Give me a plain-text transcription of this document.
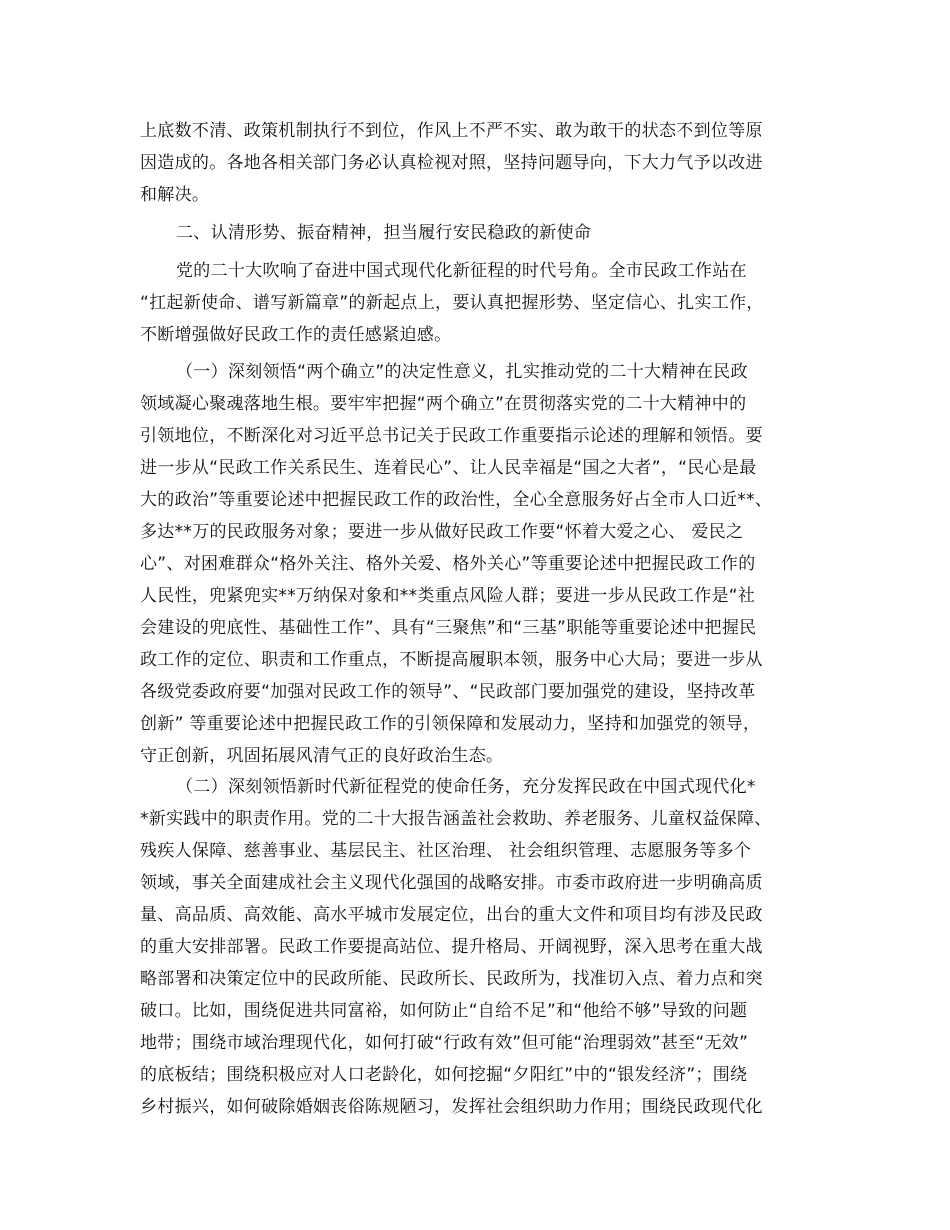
上底数不清、政策机制执行不到位，作风上不严不实、敢为敢干的状态不到位等原
因造成的。各地各相关部门务必认真检视对照，坚持问题导向，下大力气予以改进
和解决。
二、认清形势、振奋精神，担当履行安民稳政的新使命
党的二十大吹响了奋进中国式现代化新征程的时代号角。全市民政工作站在
“扛起新使命、谱写新篇章”的新起点上，要认真把握形势、坚定信心、扎实工作，
不断增强做好民政工作的责任感紧迫感。
（一）深刻领悟“两个确立”的决定性意义，扎实推动党的二十大精神在民政
领域凝心聚魂落地生根。要牢牢把握“两个确立”在贯彻落实党的二十大精神中的
引领地位，不断深化对习近平总书记关于民政工作重要指示论述的理解和领悟。要
进一步从“民政工作关系民生、连着民心”、让人民幸福是“国之大者”，“民心是最
大的政治”等重要论述中把握民政工作的政治性，全心全意服务好占全市人口近**、
多达**万的民政服务对象；要进一步从做好民政工作要“怀着大爱之心、 爱民之
心”、对困难群众“格外关注、格外关爱、格外关心”等重要论述中把握民政工作的
人民性，兜紧兜实**万纳保对象和**类重点风险人群；要进一步从民政工作是“社
会建设的兜底性、基础性工作”、具有“三聚焦”和“三基”职能等重要论述中把握民
政工作的定位、职责和工作重点，不断提高履职本领，服务中心大局；要进一步从
各级党委政府要“加强对民政工作的领导”、“民政部门要加强党的建设，坚持改革
创新” 等重要论述中把握民政工作的引领保障和发展动力，坚持和加强党的领导，
守正创新，巩固拓展风清气正的良好政治生态。
（二）深刻领悟新时代新征程党的使命任务，充分发挥民政在中国式现代化*
*新实践中的职责作用。党的二十大报告涵盖社会救助、养老服务、儿童权益保障、
残疾人保障、慈善事业、基层民主、社区治理、 社会组织管理、志愿服务等多个
领域，事关全面建成社会主义现代化强国的战略安排。市委市政府进一步明确高质
量、高品质、高效能、高水平城市发展定位，出台的重大文件和项目均有涉及民政
的重大安排部署。民政工作要提高站位、提升格局、开阔视野，深入思考在重大战
略部署和决策定位中的民政所能、民政所长、民政所为，找准切入点、着力点和突
破口。比如，围绕促进共同富裕，如何防止“自给不足”和“他给不够”导致的问题
地带；围绕市域治理现代化，如何打破“行政有效”但可能“治理弱效”甚至“无效”
的底板结；围绕积极应对人口老龄化，如何挖掘“夕阳红”中的“银发经济”；围绕
乡村振兴，如何破除婚姻丧俗陈规陋习，发挥社会组织助力作用；围绕民政现代化
